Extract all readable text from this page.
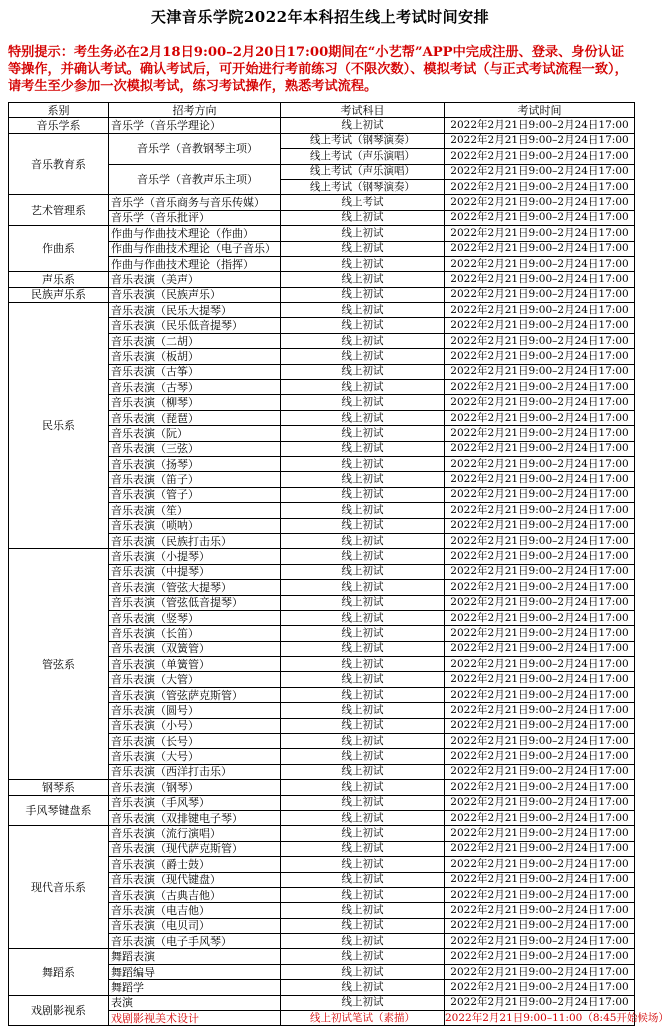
天津音乐学院2022年本科招生线上考试时间安排
特别提示：考生务必在2月18日9:00–2月20日17:00期间在“小艺帮”APP中完成注册、登录、身份认证等操作，并确认考试。确认考试后，可开始进行考前练习（不限次数）、模拟考试（与正式考试流程一致），请考生至少参加一次模拟考试，练习考试操作，熟悉考试流程。
系别	招考方向	考试科目	考试时间
音乐学系	音乐学（音乐学理论）	线上初试	2022年2月21日9:00–2月24日17:00
音乐教育系	音乐学（音教钢琴主项）	线上考试（钢琴演奏）	2022年2月21日9:00–2月24日17:00
		线上考试（声乐演唱）	2022年2月21日9:00–2月24日17:00
	音乐学（音教声乐主项）	线上考试（声乐演唱）	2022年2月21日9:00–2月24日17:00
		线上考试（钢琴演奏）	2022年2月21日9:00–2月24日17:00
艺术管理系	音乐学（音乐商务与音乐传媒）	线上考试	2022年2月21日9:00–2月24日17:00
	音乐学（音乐批评）	线上初试	2022年2月21日9:00–2月24日17:00
作曲系	作曲与作曲技术理论（作曲）	线上初试	2022年2月21日9:00–2月24日17:00
	作曲与作曲技术理论（电子音乐）	线上初试	2022年2月21日9:00–2月24日17:00
	作曲与作曲技术理论（指挥）	线上初试	2022年2月21日9:00–2月24日17:00
声乐系	音乐表演（美声）	线上初试	2022年2月21日9:00–2月24日17:00
民族声乐系	音乐表演（民族声乐）	线上初试	2022年2月21日9:00–2月24日17:00
民乐系	音乐表演（民乐大提琴）	线上初试	2022年2月21日9:00–2月24日17:00
	音乐表演（民乐低音提琴）	线上初试	2022年2月21日9:00–2月24日17:00
	音乐表演（二胡）	线上初试	2022年2月21日9:00–2月24日17:00
	音乐表演（板胡）	线上初试	2022年2月21日9:00–2月24日17:00
	音乐表演（古筝）	线上初试	2022年2月21日9:00–2月24日17:00
	音乐表演（古琴）	线上初试	2022年2月21日9:00–2月24日17:00
	音乐表演（柳琴）	线上初试	2022年2月21日9:00–2月24日17:00
	音乐表演（琵琶）	线上初试	2022年2月21日9:00–2月24日17:00
	音乐表演（阮）	线上初试	2022年2月21日9:00–2月24日17:00
	音乐表演（三弦）	线上初试	2022年2月21日9:00–2月24日17:00
	音乐表演（扬琴）	线上初试	2022年2月21日9:00–2月24日17:00
	音乐表演（笛子）	线上初试	2022年2月21日9:00–2月24日17:00
	音乐表演（管子）	线上初试	2022年2月21日9:00–2月24日17:00
	音乐表演（笙）	线上初试	2022年2月21日9:00–2月24日17:00
	音乐表演（唢呐）	线上初试	2022年2月21日9:00–2月24日17:00
	音乐表演（民族打击乐）	线上初试	2022年2月21日9:00–2月24日17:00
管弦系	音乐表演（小提琴）	线上初试	2022年2月21日9:00–2月24日17:00
	音乐表演（中提琴）	线上初试	2022年2月21日9:00–2月24日17:00
	音乐表演（管弦大提琴）	线上初试	2022年2月21日9:00–2月24日17:00
	音乐表演（管弦低音提琴）	线上初试	2022年2月21日9:00–2月24日17:00
	音乐表演（竖琴）	线上初试	2022年2月21日9:00–2月24日17:00
	音乐表演（长笛）	线上初试	2022年2月21日9:00–2月24日17:00
	音乐表演（双簧管）	线上初试	2022年2月21日9:00–2月24日17:00
	音乐表演（单簧管）	线上初试	2022年2月21日9:00–2月24日17:00
	音乐表演（大管）	线上初试	2022年2月21日9:00–2月24日17:00
	音乐表演（管弦萨克斯管）	线上初试	2022年2月21日9:00–2月24日17:00
	音乐表演（圆号）	线上初试	2022年2月21日9:00–2月24日17:00
	音乐表演（小号）	线上初试	2022年2月21日9:00–2月24日17:00
	音乐表演（长号）	线上初试	2022年2月21日9:00–2月24日17:00
	音乐表演（大号）	线上初试	2022年2月21日9:00–2月24日17:00
	音乐表演（西洋打击乐）	线上初试	2022年2月21日9:00–2月24日17:00
钢琴系	音乐表演（钢琴）	线上初试	2022年2月21日9:00–2月24日17:00
手风琴键盘系	音乐表演（手风琴）	线上初试	2022年2月21日9:00–2月24日17:00
	音乐表演（双排键电子琴）	线上初试	2022年2月21日9:00–2月24日17:00
现代音乐系	音乐表演（流行演唱）	线上初试	2022年2月21日9:00–2月24日17:00
	音乐表演（现代萨克斯管）	线上初试	2022年2月21日9:00–2月24日17:00
	音乐表演（爵士鼓）	线上初试	2022年2月21日9:00–2月24日17:00
	音乐表演（现代键盘）	线上初试	2022年2月21日9:00–2月24日17:00
	音乐表演（古典吉他）	线上初试	2022年2月21日9:00–2月24日17:00
	音乐表演（电吉他）	线上初试	2022年2月21日9:00–2月24日17:00
	音乐表演（电贝司）	线上初试	2022年2月21日9:00–2月24日17:00
	音乐表演（电子手风琴）	线上初试	2022年2月21日9:00–2月24日17:00
舞蹈系	舞蹈表演	线上初试	2022年2月21日9:00–2月24日17:00
	舞蹈编导	线上初试	2022年2月21日9:00–2月24日17:00
	舞蹈学	线上初试	2022年2月21日9:00–2月24日17:00
戏剧影视系	表演	线上初试	2022年2月21日9:00–2月24日17:00
	戏剧影视美术设计	线上初试笔试（素描）	2022年2月21日9:00–11:00（8:45开始候场）
